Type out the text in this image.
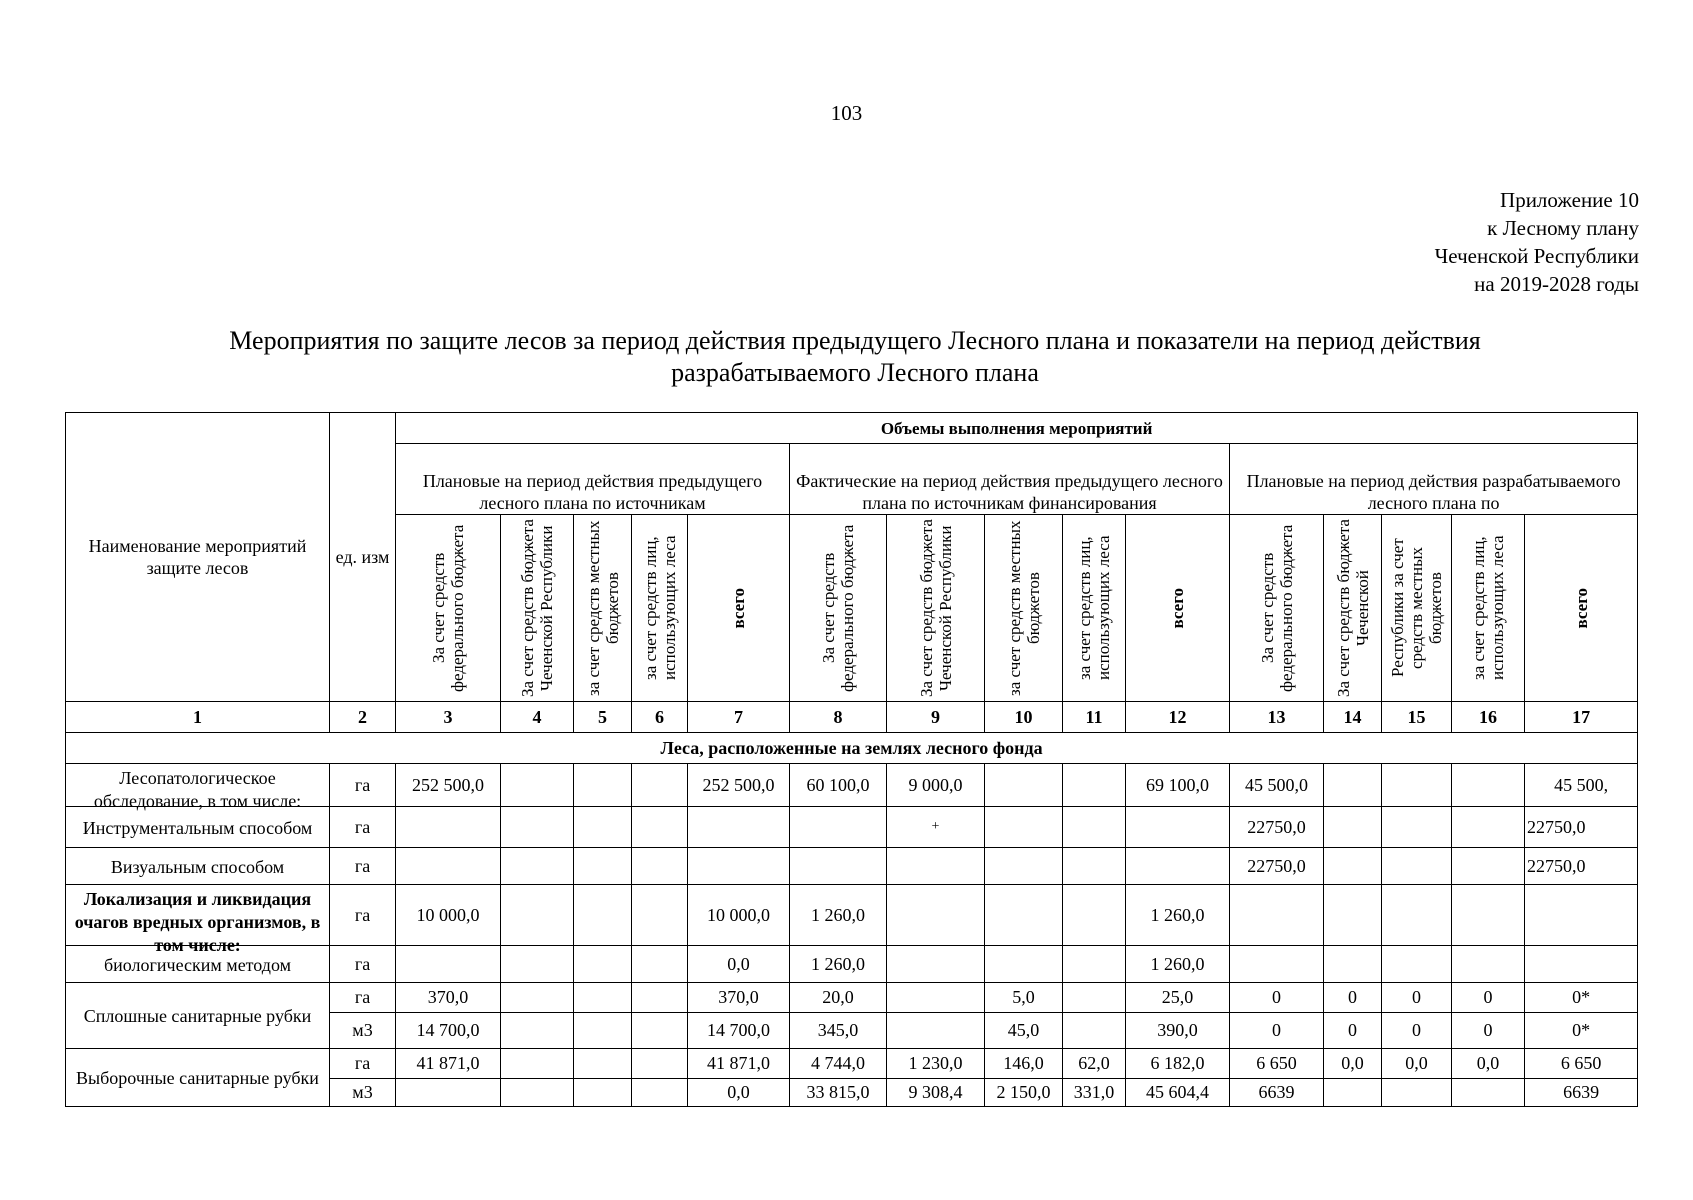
103
Приложение 10
к Лесному плану
Чеченской Республики
на 2019-2028 годы
Мероприятия по защите лесов за период действия предыдущего Лесного плана и показатели на период действия
разрабатываемого Лесного плана
Наименование мероприятий защите лесов	ед. изм	Объемы выполнения мероприятий														

		Плановые на период действия предыдущего лесного плана по источникам					Фактические на период действия предыдущего лесного плана по источникам финансирования					Плановые на период действия разрабатываемого лесного плана по				

		За счет средств федерального бюджета	За счет средств бюджета Чеченской Республики	за счет средств местных бюджетов	за счет средств лиц, использующих леса	всего	За счет средств федерального бюджета	За счет средств бюджета Чеченской Республики	за счет средств местных бюджетов	за счет средств лиц, использующих леса	всего	За счет средств федерального бюджета	За счет средств бюджета Чеченской	Республики за счет средств местных бюджетов	за счет средств лиц, использующих леса	всего
1	2	3	4	5	6	7	8	9	10	11	12	13	14	15	16	17
Леса, расположенные на землях лесного фонда																

Лесопатологическое обследование, в том числе:	га	252 500,0				252 500,0	60 100,0	9 000,0			69 100,0	45 500,0				45 500,

Инструментальным способом	га							+				22750,0				22750,0

Визуальным способом	га											22750,0				22750,0

Локализация и ликвидация очагов вредных организмов, в том числе:	га	10 000,0				10 000,0	1 260,0				1 260,0					

биологическим методом	га					0,0	1 260,0				1 260,0					

Сплошные санитарные рубки	га	370,0				370,0	20,0		5,0		25,0	0	0	0	0	0*

	м3	14 700,0				14 700,0	345,0		45,0		390,0	0	0	0	0	0*

Выборочные санитарные рубки	га	41 871,0				41 871,0	4 744,0	1 230,0	146,0	62,0	6 182,0	6 650	0,0	0,0	0,0	6 650

	м3					0,0	33 815,0	9 308,4	2 150,0	331,0	45 604,4	6639				6639
